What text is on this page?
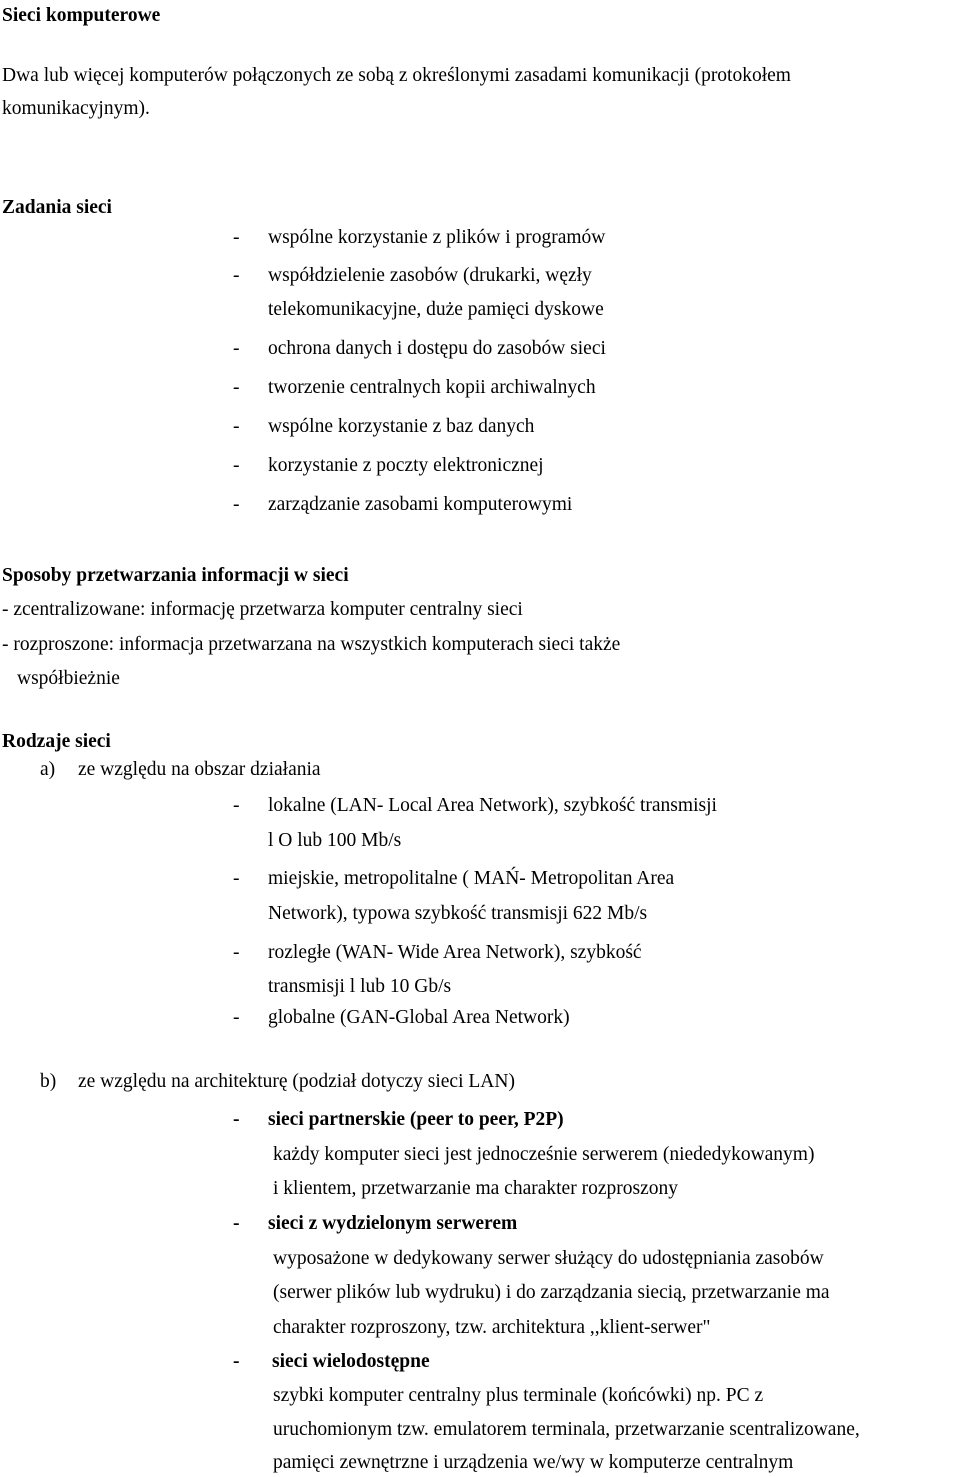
Sieci komputerowe
Dwa lub więcej komputerów połączonych ze sobą z określonymi zasadami komunikacji (protokołem
komunikacyjnym).
Zadania sieci
- wspólne korzystanie z plików i programów
- współdzielenie zasobów (drukarki, węzły
telekomunikacyjne, duże pamięci dyskowe
- ochrona danych i dostępu do zasobów sieci
- tworzenie centralnych kopii archiwalnych
- wspólne korzystanie z baz danych
- korzystanie z poczty elektronicznej
- zarządzanie zasobami komputerowymi
Sposoby przetwarzania informacji w sieci
- zcentralizowane: informację przetwarza komputer centralny sieci
- rozproszone: informacja przetwarzana na wszystkich komputerach sieci także
współbieżnie
Rodzaje sieci
a) ze względu na obszar działania
- lokalne (LAN- Local Area Network), szybkość transmisji
l O lub 100 Mb/s
- miejskie, metropolitalne ( MAŃ- Metropolitan Area
Network), typowa szybkość transmisji 622 Mb/s
- rozległe (WAN- Wide Area Network), szybkość
transmisji l lub 10 Gb/s
- globalne (GAN-Global Area Network)
b) ze względu na architekturę (podział dotyczy sieci LAN)
- sieci partnerskie (peer to peer, P2P)
każdy komputer sieci jest jednocześnie serwerem (niededykowanym)
i klientem, przetwarzanie ma charakter rozproszony
- sieci z wydzielonym serwerem
wyposażone w dedykowany serwer służący do udostępniania zasobów
(serwer plików lub wydruku) i do zarządzania siecią, przetwarzanie ma
charakter rozproszony, tzw. architektura ,,klient-serwer"
- sieci wielodostępne
szybki komputer centralny plus terminale (końcówki) np. PC z
uruchomionym tzw. emulatorem terminala, przetwarzanie scentralizowane,
pamięci zewnętrzne i urządzenia we/wy w komputerze centralnym
